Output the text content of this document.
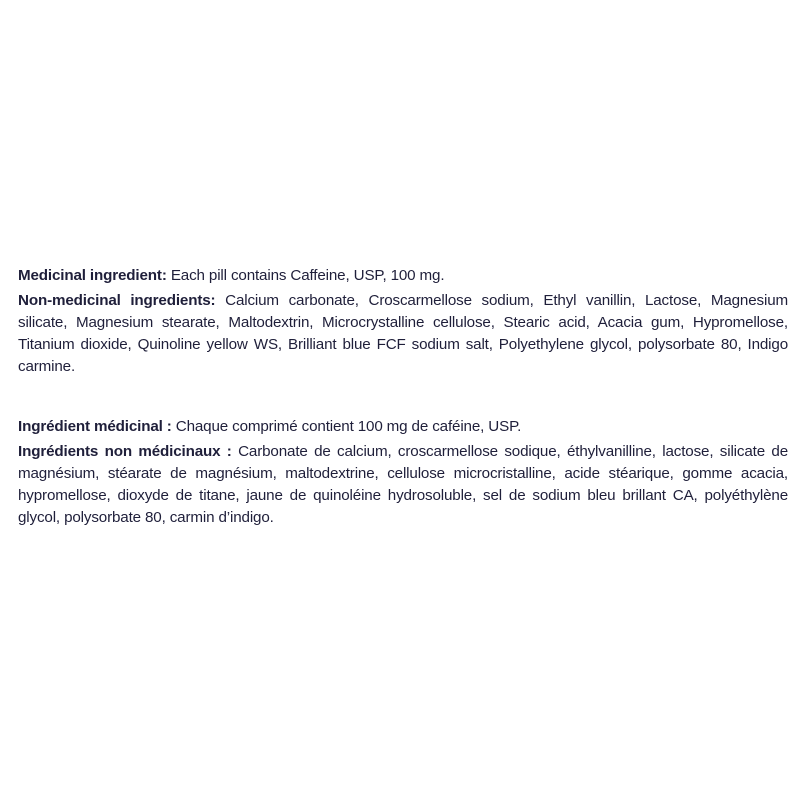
Medicinal ingredient: Each pill contains Caffeine, USP, 100 mg.

Non-medicinal ingredients: Calcium carbonate, Croscarmellose sodium, Ethyl vanillin, Lactose, Magnesium silicate, Magnesium stearate, Maltodextrin, Microcrystalline cellulose, Stearic acid, Acacia gum, Hypromellose, Titanium dioxide, Quinoline yellow WS, Brilliant blue FCF sodium salt, Polyethylene glycol, polysorbate 80, Indigo carmine.

Ingrédient médicinal : Chaque comprimé contient 100 mg de caféine, USP.

Ingrédients non médicinaux : Carbonate de calcium, croscarmellose sodique, éthylvanilline, lactose, silicate de magnésium, stéarate de magnésium, maltodextrine, cellulose microcristalline, acide stéarique, gomme acacia, hypromellose, dioxyde de titane, jaune de quinoléine hydrosoluble, sel de sodium bleu brillant CA, polyéthylène glycol, polysorbate 80, carmin d’indigo.
